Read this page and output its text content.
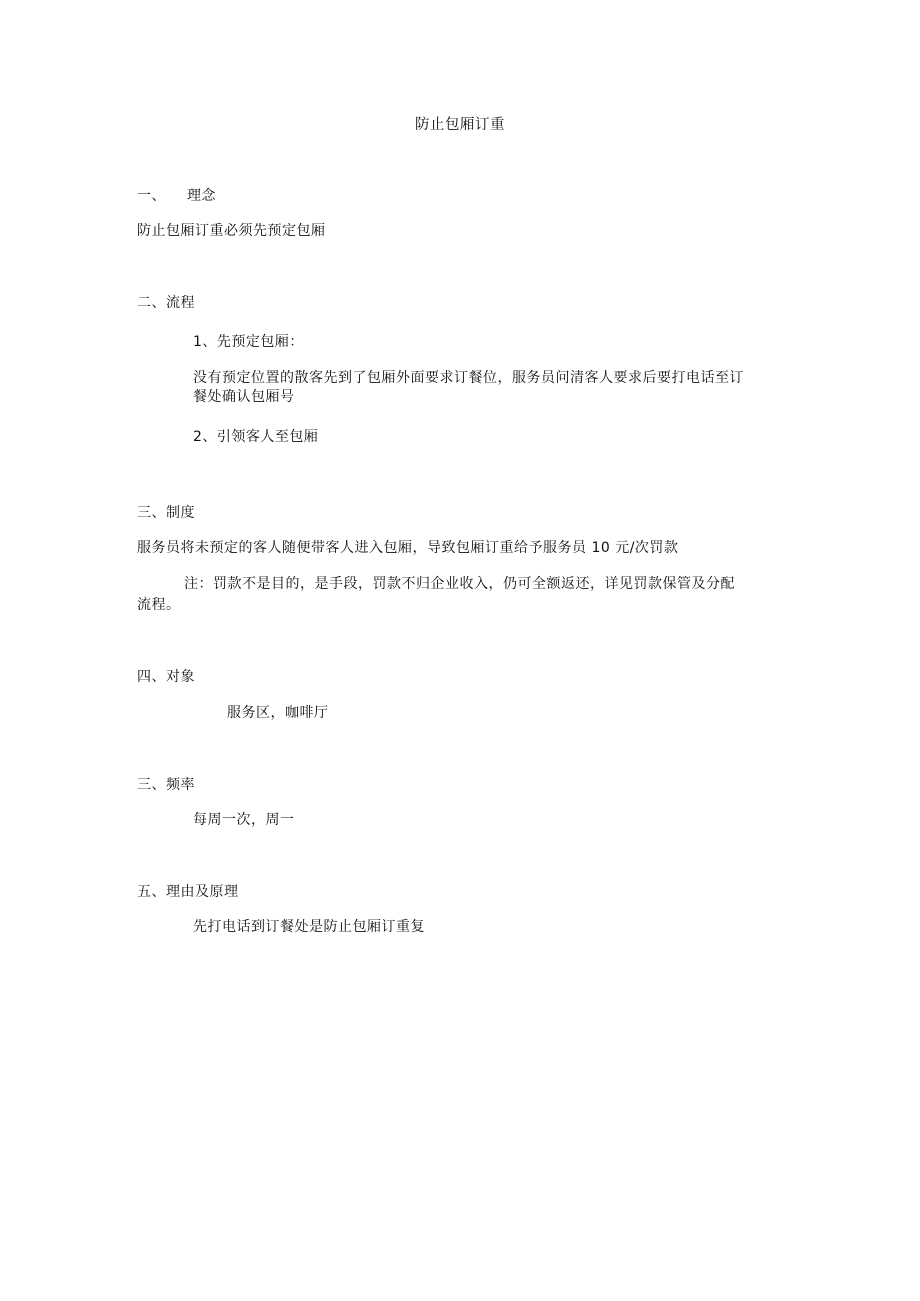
防止包厢订重
一、 理念
防止包厢订重必须先预定包厢
二、流程
1、先预定包厢：
没有预定位置的散客先到了包厢外面要求订餐位，服务员问清客人要求后要打电话至订
餐处确认包厢号
2、引领客人至包厢
三、制度
服务员将未预定的客人随便带客人进入包厢，导致包厢订重给予服务员 10 元/次罚款
注：罚款不是目的，是手段，罚款不归企业收入，仍可全额返还，详见罚款保管及分配
流程。
四、对象
服务区，咖啡厅
三、频率
每周一次，周一
五、理由及原理
先打电话到订餐处是防止包厢订重复
